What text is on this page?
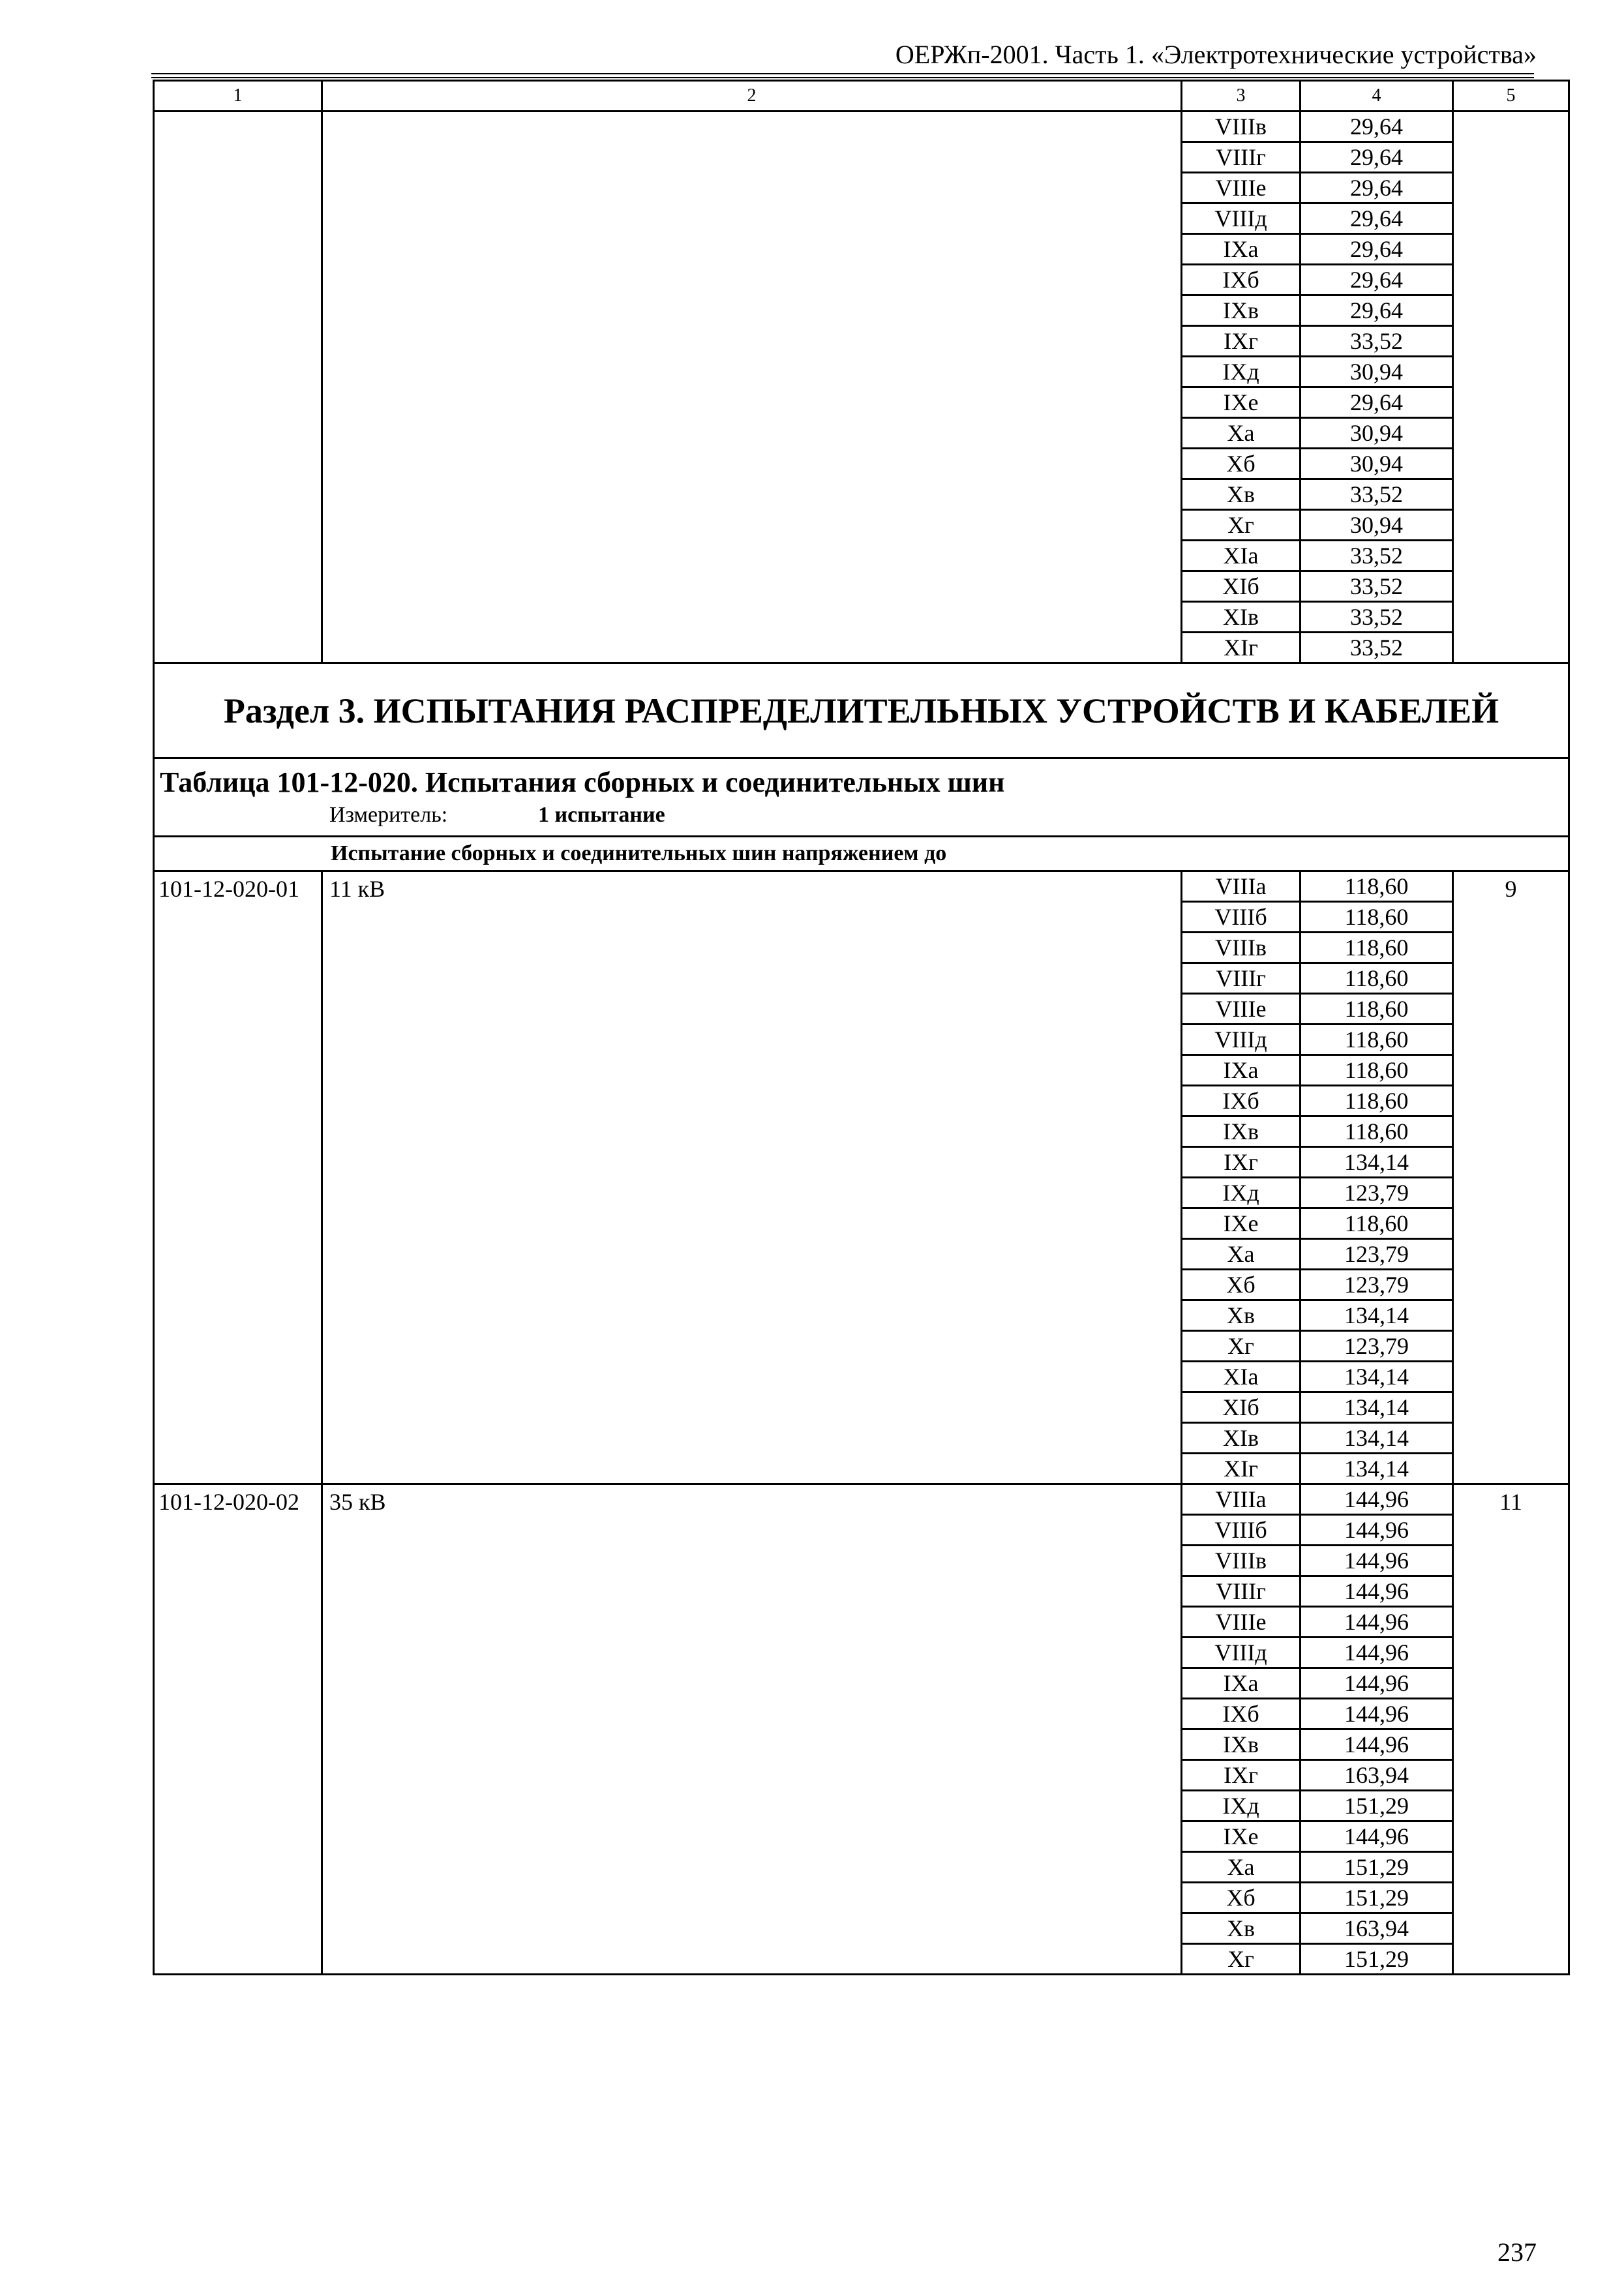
ОЕРЖп-2001. Часть 1. «Электротехнические устройства»
1	2	3	4	5
		VIIIв	29,64	
		VIIIг	29,64	
		VIIIе	29,64	
		VIIIд	29,64	
		IXа	29,64	
		IXб	29,64	
		IXв	29,64	
		IXг	33,52	
		IXд	30,94	
		IXе	29,64	
		Xа	30,94	
		Xб	30,94	
		Xв	33,52	
		Xг	30,94	
		XIа	33,52	
		XIб	33,52	
		XIв	33,52	
		XIг	33,52	
Раздел 3. ИСПЫТАНИЯ РАСПРЕДЕЛИТЕЛЬНЫХ УСТРОЙСТВ И КАБЕЛЕЙ				

Таблица 101-12-020. Испытания сборных и соединительных шин
Измеритель: 1 испытание				

Испытание сборных и соединительных шин напряжением до				
101-12-020-01	11 кВ	VIIIа	118,60	9
		VIIIб	118,60	
		VIIIв	118,60	
		VIIIг	118,60	
		VIIIе	118,60	
		VIIIд	118,60	
		IXа	118,60	
		IXб	118,60	
		IXв	118,60	
		IXг	134,14	
		IXд	123,79	
		IXе	118,60	
		Xа	123,79	
		Xб	123,79	
		Xв	134,14	
		Xг	123,79	
		XIа	134,14	
		XIб	134,14	
		XIв	134,14	
		XIг	134,14	
101-12-020-02	35 кВ	VIIIа	144,96	11
		VIIIб	144,96	
		VIIIв	144,96	
		VIIIг	144,96	
		VIIIе	144,96	
		VIIIд	144,96	
		IXа	144,96	
		IXб	144,96	
		IXв	144,96	
		IXг	163,94	
		IXд	151,29	
		IXе	144,96	
		Xа	151,29	
		Xб	151,29	
		Xв	163,94	
		Xг	151,29	
237
